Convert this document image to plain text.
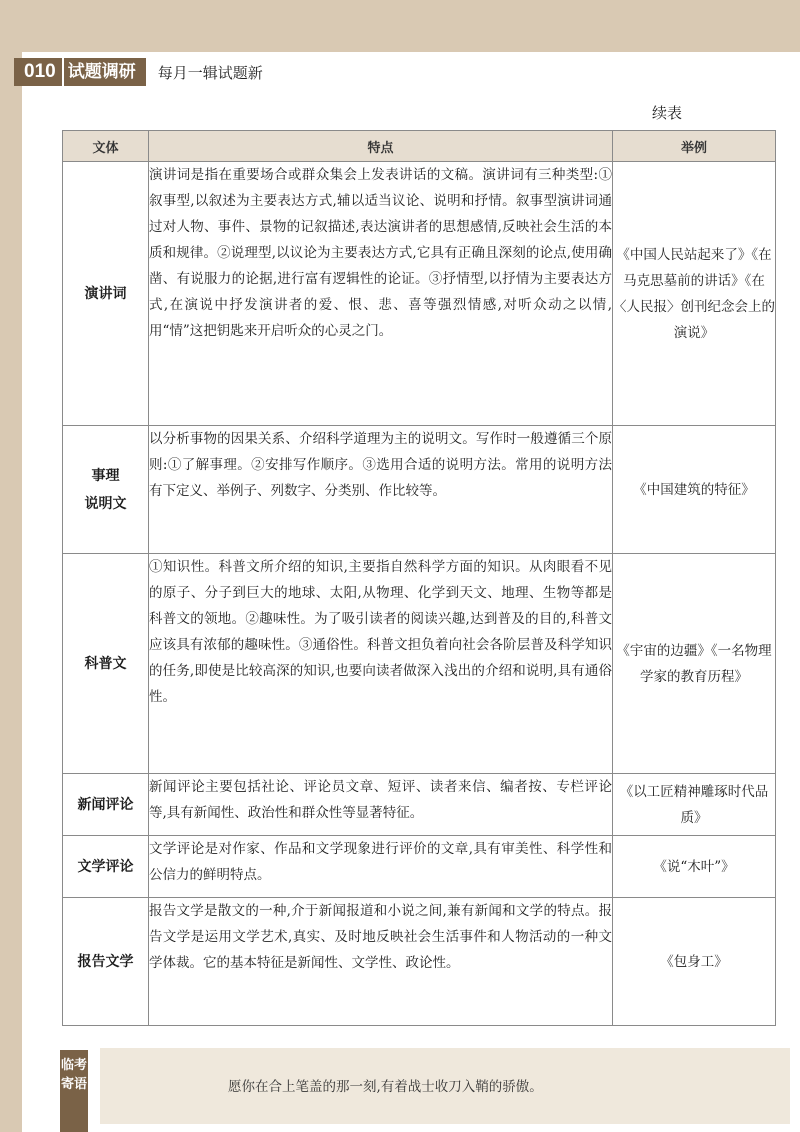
010 试题调研	每月一辑试题新
续表
文体	特点	举例
演讲词	演讲词是指在重要场合或群众集会上发表讲话的文稿。演讲词有三种类型:①叙事型,以叙述为主要表达方式,辅以适当议论、说明和抒情。叙事型演讲词通过对人物、事件、景物的记叙描述,表达演讲者的思想感情,反映社会生活的本质和规律。②说理型,以议论为主要表达方式,它具有正确且深刻的论点,使用确凿、有说服力的论据,进行富有逻辑性的论证。③抒情型,以抒情为主要表达方式,在演说中抒发演讲者的爱、恨、悲、喜等强烈情感,对听众动之以情,用“情”这把钥匙来开启听众的心灵之门。	《中国人民站起来了》《在马克思墓前的讲话》《在〈人民报〉创刊纪念会上的演说》
事理
说明文	以分析事物的因果关系、介绍科学道理为主的说明文。写作时一般遵循三个原则:①了解事理。②安排写作顺序。③选用合适的说明方法。常用的说明方法有下定义、举例子、列数字、分类别、作比较等。	《中国建筑的特征》
科普文	①知识性。科普文所介绍的知识,主要指自然科学方面的知识。从肉眼看不见的原子、分子到巨大的地球、太阳,从物理、化学到天文、地理、生物等都是科普文的领地。②趣味性。为了吸引读者的阅读兴趣,达到普及的目的,科普文应该具有浓郁的趣味性。③通俗性。科普文担负着向社会各阶层普及科学知识的任务,即使是比较高深的知识,也要向读者做深入浅出的介绍和说明,具有通俗性。	《宇宙的边疆》《一名物理学家的教育历程》
新闻评论	新闻评论主要包括社论、评论员文章、短评、读者来信、编者按、专栏评论等,具有新闻性、政治性和群众性等显著特征。	《以工匠精神雕琢时代品质》
文学评论	文学评论是对作家、作品和文学现象进行评价的文章,具有审美性、科学性和公信力的鲜明特点。	《说“木叶”》
报告文学	报告文学是散文的一种,介于新闻报道和小说之间,兼有新闻和文学的特点。报告文学是运用文学艺术,真实、及时地反映社会生活事件和人物活动的一种文学体裁。它的基本特征是新闻性、文学性、政论性。	《包身工》
临考寄语	愿你在合上笔盖的那一刻,有着战士收刀入鞘的骄傲。
